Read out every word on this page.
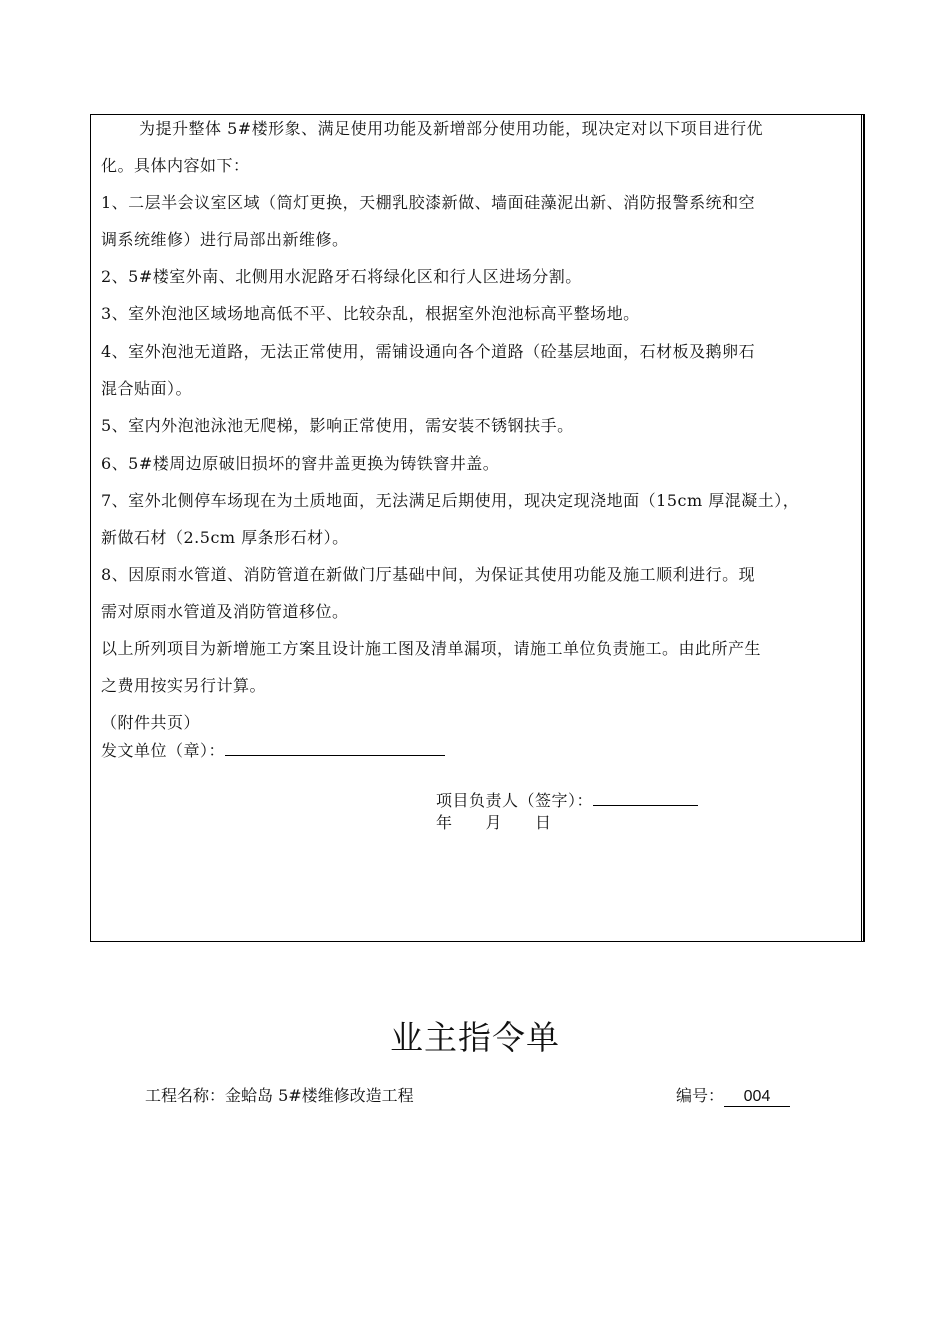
为提升整体 5#楼形象、满足使用功能及新增部分使用功能，现决定对以下项目进行优
化。具体内容如下：
1、二层半会议室区域（筒灯更换，天棚乳胶漆新做、墙面硅藻泥出新、消防报警系统和空
调系统维修）进行局部出新维修。
2、5#楼室外南、北侧用水泥路牙石将绿化区和行人区进场分割。
3、室外泡池区域场地高低不平、比较杂乱，根据室外泡池标高平整场地。
4、室外泡池无道路，无法正常使用，需铺设通向各个道路（砼基层地面，石材板及鹅卵石
混合贴面）。
5、室内外泡池泳池无爬梯，影响正常使用，需安装不锈钢扶手。
6、5#楼周边原破旧损坏的窨井盖更换为铸铁窨井盖。
7、室外北侧停车场现在为土质地面，无法满足后期使用，现决定现浇地面（15cm 厚混凝土），
新做石材（2.5cm 厚条形石材）。
8、因原雨水管道、消防管道在新做门厅基础中间，为保证其使用功能及施工顺利进行。现
需对原雨水管道及消防管道移位。
以上所列项目为新增施工方案且设计施工图及清单漏项，请施工单位负责施工。由此所产生
之费用按实另行计算。
（附件共页）
发文单位（章）：
项目负责人（签字）：
年　　月　　日
业主指令单
工程名称：金蛤岛 5#楼维修改造工程	编号： 004
